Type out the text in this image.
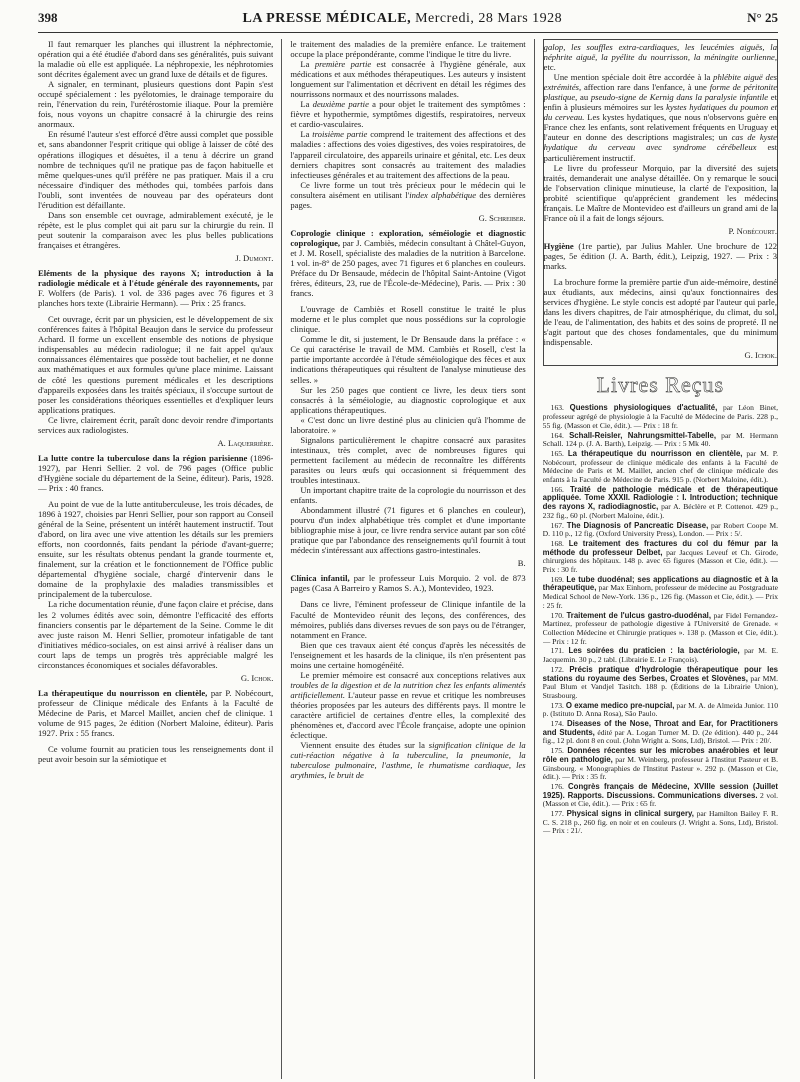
398	LA PRESSE MÉDICALE, Mercredi, 28 Mars 1928	N° 25

Il faut remarquer les planches qui illustrent la néphrectomie, opération qui a été étudiée d'abord dans ses généralités, puis suivant la maladie où elle est appliquée. La néphropexie, les néphrotomies sont décrites également avec un grand luxe de détails et de figures.

A signaler, en terminant, plusieurs questions dont Papin s'est occupé spécialement : les pyélotomies, le drainage temporaire du rein, l'énervation du rein, l'urétérostomie iliaque. Pour la première fois, nous voyons un chapitre consacré à la chirurgie des reins anormaux.

En résumé l'auteur s'est efforcé d'être aussi complet que possible et, sans abandonner l'esprit critique qui oblige à laisser de côté des opérations illogiques et désuètes, il a tenu à décrire un grand nombre de techniques qu'il ne pratique pas de façon habituelle et même quelques-unes qu'il préfère ne pas pratiquer. Mais il a cru nécessaire d'indiquer des méthodes qui, tombées parfois dans l'oubli, sont inventées de nouveau par des opérateurs dont l'érudition est défaillante.

Dans son ensemble cet ouvrage, admirablement exécuté, je le répète, est le plus complet qui ait paru sur la chirurgie du rein. Il peut soutenir la comparaison avec les plus belles publications françaises et étrangères.

J. Dumont.

Eléments de la physique des rayons X; introduction à la radiologie médicale et à l'étude générale des rayonnements, par F. Wolfers (de Paris). 1 vol. de 336 pages avec 76 figures et 3 planches hors texte (Librairie Hermann). — Prix : 25 francs.

Cet ouvrage, écrit par un physicien, est le développement de six conférences faites à l'hôpital Beaujon dans le service du professeur Achard. Il forme un excellent ensemble des notions de physique indispensables au médecin radiologue; il ne fait appel qu'aux connaissances élémentaires que possède tout bachelier, et ne donne aux mathématiques et aux formules qu'une place minime. Laissant de côté les questions purement médicales et les descriptions d'appareils exposées dans les traités spéciaux, il s'occupe surtout de poser les considérations théoriques essentielles et d'expliquer leurs applications pratiques.

Ce livre, clairement écrit, paraît donc devoir rendre d'importants services aux radiologistes.

A. Laquerrière.

La lutte contre la tuberculose dans la région parisienne (1896-1927), par Henri Sellier. 2 vol. de 796 pages (Office public d'Hygiène sociale du département de la Seine, éditeur). Paris, 1928. — Prix : 40 francs.

Au point de vue de la lutte antituberculeuse, les trois décades, de 1896 à 1927, choisies par Henri Sellier, pour son rapport au Conseil général de la Seine, présentent un intérêt hautement instructif. Tout d'abord, on lira avec une vive attention les détails sur les premiers efforts, non coordonnés, faits pendant la période d'avant-guerre; ensuite, sur les résultats obtenus pendant la grande tourmente et, finalement, sur la création et le fonctionnement de l'Office public départemental d'hygiène sociale, chargé d'intervenir dans le domaine de la prophylaxie des maladies transmissibles et principalement de la tuberculose.

La riche documentation réunie, d'une façon claire et précise, dans les 2 volumes édités avec soin, démontre l'efficacité des efforts financiers consentis par le département de la Seine. Comme le dit avec juste raison M. Henri Sellier, promoteur infatigable de tant d'initiatives médico-sociales, on est ainsi arrivé à réaliser dans un court laps de temps un progrès très appréciable malgré les circonstances économiques et sociales défavorables.

G. Ichok.

La thérapeutique du nourrisson en clientèle, par P. Nobécourt, professeur de Clinique médicale des Enfants à la Faculté de Médecine de Paris, et Marcel Maillet, ancien chef de clinique. 1 volume de 915 pages, 2e édition (Norbert Maloine, éditeur). Paris 1927. Prix : 55 francs.

Ce volume fournit au praticien tous les renseignements dont il peut avoir besoin sur la sémiotique et

le traitement des maladies de la première enfance. Le traitement occupe la place prépondérante, comme l'indique le titre du livre.

La première partie est consacrée à l'hygiène générale, aux médications et aux méthodes thérapeutiques. Les auteurs y insistent longuement sur l'alimentation et décrivent en détail les régimes des nourrissons normaux et des nourrissons malades.

La deuxième partie a pour objet le traitement des symptômes : fièvre et hypothermie, symptômes digestifs, respiratoires, nerveux et cardio-vasculaires.

La troisième partie comprend le traitement des affections et des maladies : affections des voies digestives, des voies respiratoires, de l'appareil circulatoire, des appareils urinaire et génital, etc. Les deux derniers chapitres sont consacrés au traitement des maladies infectieuses générales et au traitement des affections de la peau.

Ce livre forme un tout très précieux pour le médecin qui le consultera aisément en utilisant l'index alphabétique des dernières pages.

G. Schreiber.

Coprologie clinique : exploration, séméiologie et diagnostic coprologique, par J. Cambiès, médecin consultant à Châtel-Guyon, et J. M. Rosell, spécialiste des maladies de la nutrition à Barcelone. 1 vol. in-8° de 250 pages, avec 71 figures et 6 planches en couleurs. Préface du Dr Bensaude, médecin de l'hôpital Saint-Antoine (Vigot frères, éditeurs, 23, rue de l'École-de-Médecine), Paris. — Prix : 30 francs.

L'ouvrage de Cambiès et Rosell constitue le traité le plus moderne et le plus complet que nous possédions sur la coprologie clinique.

Comme le dit, si justement, le Dr Bensaude dans la préface : « Ce qui caractérise le travail de MM. Cambiès et Rosell, c'est la partie importante accordée à l'étude séméiologique des fèces et aux indications thérapeutiques qui résultent de l'analyse minutieuse des selles. »

Sur les 250 pages que contient ce livre, les deux tiers sont consacrés à la séméiologie, au diagnostic coprologique et aux applications thérapeutiques.

« C'est donc un livre destiné plus au clinicien qu'à l'homme de laboratoire. »

Signalons particulièrement le chapitre consacré aux parasites intestinaux, très complet, avec de nombreuses figures qui permettent facilement au médecin de reconnaître les différents parasites ou leurs œufs qui occasionnent si fréquemment des troubles intestinaux.

Un important chapitre traite de la coprologie du nourrisson et des enfants.

Abondamment illustré (71 figures et 6 planches en couleur), pourvu d'un index alphabétique très complet et d'une importante bibliographie mise à jour, ce livre rendra service autant par son côté pratique que par l'abondance des renseignements qu'il fournit à tout médecin s'intéressant aux affections gastro-intestinales.

B.

Clínica infantil, par le professeur Luis Morquio. 2 vol. de 873 pages (Casa A Barreiro y Ramos S. A.), Montevideo, 1923.

Dans ce livre, l'éminent professeur de Clinique infantile de la Faculté de Montevideo réunit des leçons, des conférences, des mémoires, publiés dans diverses revues de son pays ou de l'étranger, notamment en France.

Bien que ces travaux aient été conçus d'après les nécessités de l'enseignement et les hasards de la clinique, ils n'en présentent pas moins une certaine homogénéité.

Le premier mémoire est consacré aux conceptions relatives aux troubles de la digestion et de la nutrition chez les enfants alimentés artificiellement. L'auteur passe en revue et critique les nombreuses théories proposées par les auteurs des différents pays. Il montre le caractère artificiel de certaines d'entre elles, la complexité des phénomènes et, d'accord avec l'École française, adopte une opinion éclectique.

Viennent ensuite des études sur la signification clinique de la cuti-réaction négative à la tuberculine, la pneumonie, la tuberculose pulmonaire, l'asthme, le rhumatisme cardiaque, les arythmies, le bruit de

galop, les souffles extra-cardiaques, les leucémies aiguës, la néphrite aiguë, la pyélite du nourrisson, la méningite ourlienne, etc.

Une mention spéciale doit être accordée à la phlébite aiguë des extrémités, affection rare dans l'enfance, à une forme de péritonite plastique, au pseudo-signe de Kernig dans la paralysie infantile et enfin à plusieurs mémoires sur les kystes hydatiques du poumon et du cerveau. Les kystes hydatiques, que nous n'observons guère en France chez les enfants, sont relativement fréquents en Uruguay et l'auteur en donne des descriptions magistrales; un cas de kyste hydatique du cerveau avec syndrome cérébelleux est particulièrement instructif.

Le livre du professeur Morquio, par la diversité des sujets traités, demanderait une analyse détaillée. On y remarque le souci de l'observation clinique minutieuse, la clarté de l'exposition, la probité scientifique qu'apprécient grandement les médecins français. Le Maître de Montevideo est d'ailleurs un grand ami de la France où il a fait de longs séjours.

P. Nobécourt.

Hygiène (1re partie), par Julius Mahler. Une brochure de 122 pages, 5e édition (J. A. Barth, édit.), Leipzig, 1927. — Prix : 3 marks.

La brochure forme la première partie d'un aide-mémoire, destiné aux étudiants, aux médecins, ainsi qu'aux fonctionnaires des services d'hygiène. Le style concis est adopté par l'auteur qui parle, dans les divers chapitres, de l'air atmosphérique, du climat, du sol, de l'eau, de l'alimentation, des habits et des soins de propreté. Il ne s'agit partout que des choses fondamentales, que du minimum indispensable.

G. Ichok.

Livres Reçus

163. Questions physiologiques d'actualité, par Léon Binet, professeur agrégé de physiologie à la Faculté de Médecine de Paris. 228 p., 55 fig. (Masson et Cie, édit.). — Prix : 18 fr.

164. Schall-Reisler, Nahrungsmittel-Tabelle, par M. Hermann Schall. 124 p. (J. A. Barth), Leipzig. — Prix : 5 Mk 40.

165. La thérapeutique du nourrisson en clientèle, par M. P. Nobécourt, professeur de clinique médicale des enfants à la Faculté de Médecine de Paris et M. Maillet, ancien chef de clinique médicale des enfants à la Faculté de Médecine de Paris. 915 p. (Norbert Maloine, édit.).

166. Traité de pathologie médicale et de thérapeutique appliquée. Tome XXXII. Radiologie : I. Introduction; technique des rayons X, radiodiagnostic, par A. Béclère et P. Cottenot. 429 p., 232 fig., 60 pl. (Norbert Maloine, édit.).

167. The Diagnosis of Pancreatic Disease, par Robert Coope M. D. 110 p., 12 fig. (Oxford University Press), London. — Prix : 5/.

168. Le traitement des fractures du col du fémur par la méthode du professeur Delbet, par Jacques Leveuf et Ch. Girode, chirurgiens des hôpitaux. 148 p. avec 65 figures (Masson et Cie, édit.). — Prix : 30 fr.

169. Le tube duodénal; ses applications au diagnostic et à la thérapeutique, par Max Einhorn, professeur de médecine au Postgraduate Medical School de New-York. 136 p., 126 fig. (Masson et Cie, édit.). — Prix : 25 fr.

170. Traitement de l'ulcus gastro-duodénal, par Fidel Fernandez-Martinez, professeur de pathologie digestive à l'Université de Grenade. « Collection Médecine et Chirurgie pratiques ». 138 p. (Masson et Cie, édit.). — Prix : 12 fr.

171. Les soirées du praticien : la bactériologie, par M. E. Jacquemin. 30 p., 2 tabl. (Librairie E. Le François).

172. Précis pratique d'hydrologie thérapeutique pour les stations du royaume des Serbes, Croates et Slovènes, par MM. Paul Blum et Vandjel Tasitch. 188 p. (Éditions de la Librairie Union), Strasbourg.

173. O exame medico pre-nupcial, par M. A. de Almeida Junior. 110 p. (Istituto D. Anna Rosa), São Paulo.

174. Diseases of the Nose, Throat and Ear, for Practitioners and Students, édité par A. Logan Turner M. D. (2e édition). 440 p., 244 fig., 12 pl. dont 8 en coul. (John Wright a. Sons, Ltd), Bristol. — Prix : 20/.

175. Données récentes sur les microbes anaérobies et leur rôle en pathologie, par M. Weinberg, professeur à l'Institut Pasteur et B. Ginsbourg. « Monographies de l'Institut Pasteur ». 292 p. (Masson et Cie, édit.). — Prix : 35 fr.

176. Congrès français de Médecine, XVIIIe session (Juillet 1925). Rapports. Discussions. Communications diverses. 2 vol. (Masson et Cie, édit.). — Prix : 65 fr.

177. Physical signs in clinical surgery, par Hamilton Bailey F. R. C. S. 218 p., 260 fig. en noir et en couleurs (J. Wright a. Sons, Ltd), Bristol. — Prix : 21/.
